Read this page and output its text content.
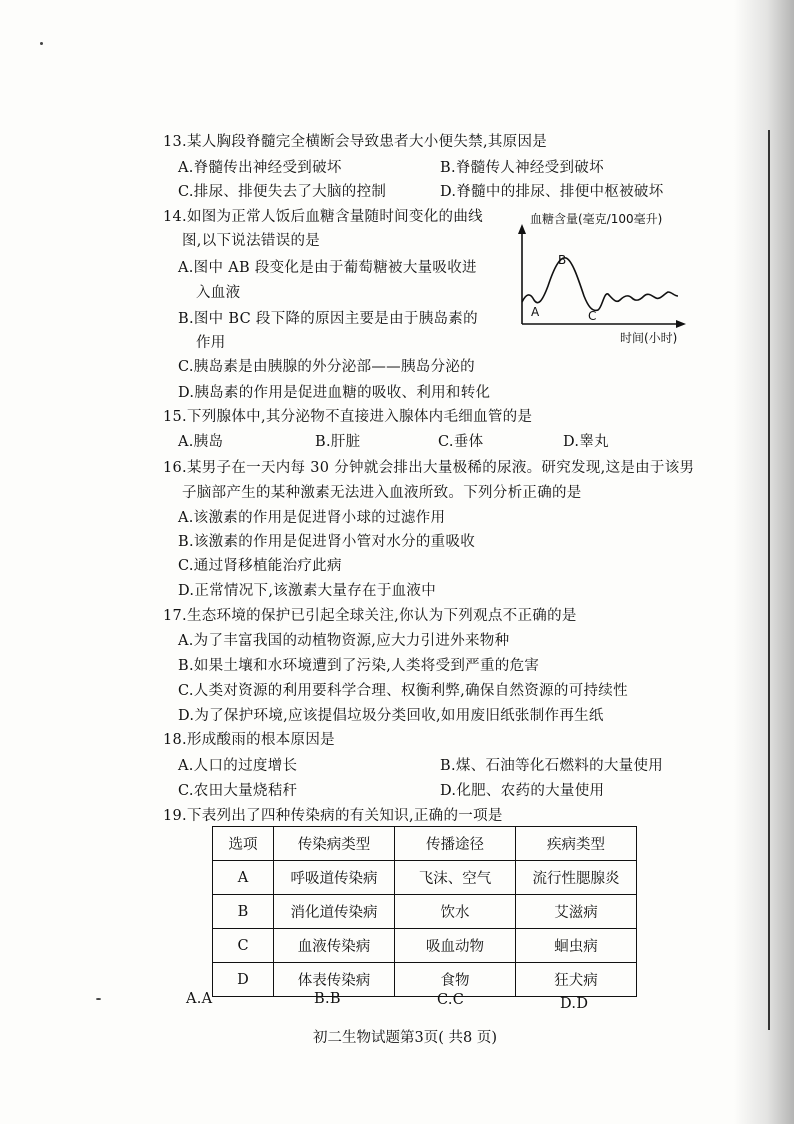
13.某人胸段脊髓完全横断会导致患者大小便失禁,其原因是
A.脊髓传出神经受到破坏	B.脊髓传人神经受到破坏
C.排尿、排便失去了大脑的控制	D.脊髓中的排尿、排便中枢被破坏
14.如图为正常人饭后血糖含量随时间变化的曲线
图,以下说法错误的是
A.图中 AB 段变化是由于葡萄糖被大量吸收进
入血液
B.图中 BC 段下降的原因主要是由于胰岛素的
作用
C.胰岛素是由胰腺的外分泌部——胰岛分泌的
D.胰岛素的作用是促进血糖的吸收、利用和转化
血糖含量(毫克/100毫升)
A
B
C
时间(小时)
15.下列腺体中,其分泌物不直接进入腺体内毛细血管的是
A.胰岛	B.肝脏	C.垂体	D.睾丸
16.某男子在一天内每 30 分钟就会排出大量极稀的尿液。研究发现,这是由于该男
子脑部产生的某种激素无法进入血液所致。下列分析正确的是
A.该激素的作用是促进肾小球的过滤作用
B.该激素的作用是促进肾小管对水分的重吸收
C.通过肾移植能治疗此病
D.正常情况下,该激素大量存在于血液中
17.生态环境的保护已引起全球关注,你认为下列观点不正确的是
A.为了丰富我国的动植物资源,应大力引进外来物种
B.如果土壤和水环境遭到了污染,人类将受到严重的危害
C.人类对资源的利用要科学合理、权衡利弊,确保自然资源的可持续性
D.为了保护环境,应该提倡垃圾分类回收,如用废旧纸张制作再生纸
18.形成酸雨的根本原因是
A.人口的过度增长	B.煤、石油等化石燃料的大量使用
C.农田大量烧秸秆	D.化肥、农药的大量使用
19.下表列出了四种传染病的有关知识,正确的一项是
选项	传染病类型	传播途径	疾病类型
A	呼吸道传染病	飞沫、空气	流行性腮腺炎
B	消化道传染病	饮水	艾滋病
C	血液传染病	吸血动物	蛔虫病
D	体表传染病	食物	狂犬病
A.A	B.B	C.C	D.D
初二生物试题第3页( 共8 页)
